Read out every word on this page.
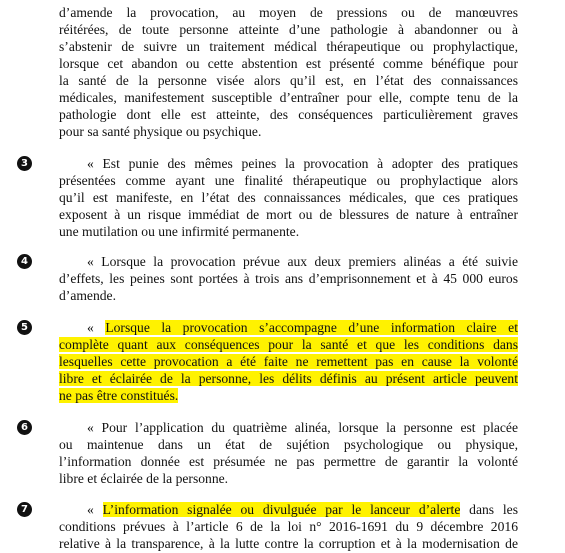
d’amende la provocation, au moyen de pressions ou de manœuvres
réitérées, de toute personne atteinte d’une pathologie à abandonner ou à
s’abstenir de suivre un traitement médical thérapeutique ou prophylactique,
lorsque cet abandon ou cette abstention est présenté comme bénéfique pour
la santé de la personne visée alors qu’il est, en l’état des connaissances
médicales, manifestement susceptible d’entraîner pour elle, compte tenu de la
pathologie dont elle est atteinte, des conséquences particulièrement graves
pour sa santé physique ou psychique.
3	« Est punie des mêmes peines la provocation à adopter des pratiques
présentées comme ayant une finalité thérapeutique ou prophylactique alors
qu’il est manifeste, en l’état des connaissances médicales, que ces pratiques
exposent à un risque immédiat de mort ou de blessures de nature à entraîner
une mutilation ou une infirmité permanente.
4	« Lorsque la provocation prévue aux deux premiers alinéas a été suivie
d’effets, les peines sont portées à trois ans d’emprisonnement et à 45 000 euros
d’amende.
5	« Lorsque la provocation s’accompagne d’une information claire et
complète quant aux conséquences pour la santé et que les conditions dans
lesquelles cette provocation a été faite ne remettent pas en cause la volonté
libre et éclairée de la personne, les délits définis au présent article peuvent
ne pas être constitués.
6	« Pour l’application du quatrième alinéa, lorsque la personne est placée
ou maintenue dans un état de sujétion psychologique ou physique,
l’information donnée est présumée ne pas permettre de garantir la volonté
libre et éclairée de la personne.
7	« L’information signalée ou divulguée par le lanceur d’alerte dans les
conditions prévues à l’article 6 de la loi n° 2016-1691 du 9 décembre 2016
relative à la transparence, à la lutte contre la corruption et à la modernisation de
